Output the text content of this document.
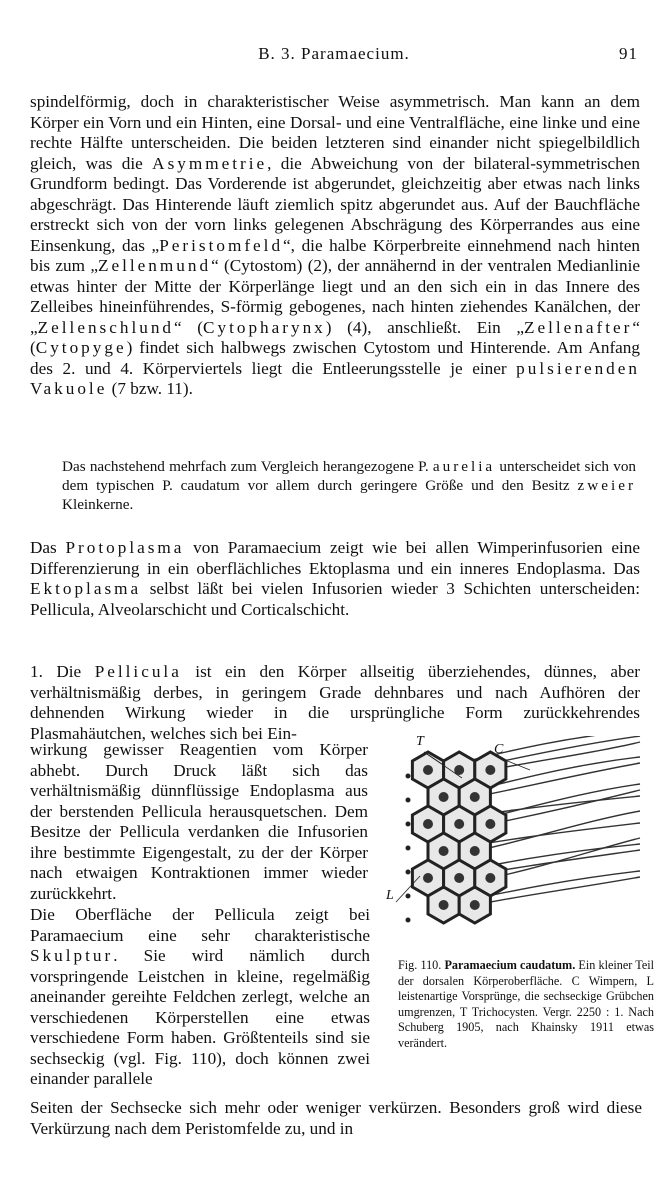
B. 3. Paramaecium.	91
spindelförmig, doch in charakteristischer Weise asymmetrisch. Man kann an dem Körper ein Vorn und ein Hinten, eine Dorsal- und eine Ventralfläche, eine linke und eine rechte Hälfte unterscheiden. Die beiden letzteren sind einander nicht spiegelbildlich gleich, was die Asymmetrie, die Abweichung von der bilateral-symmetrischen Grundform bedingt. Das Vorderende ist abgerundet, gleichzeitig aber etwas nach links abgeschrägt. Das Hinterende läuft ziemlich spitz abgerundet aus. Auf der Bauchfläche erstreckt sich von der vorn links gelegenen Abschrägung des Körperrandes aus eine Einsenkung, das „Peristomfeld“, die halbe Körperbreite einnehmend nach hinten bis zum „Zellenmund“ (Cytostom) (2), der annähernd in der ventralen Medianlinie etwas hinter der Mitte der Körperlänge liegt und an den sich ein in das Innere des Zelleibes hineinführendes, S-förmig gebogenes, nach hinten ziehendes Kanälchen, der „Zellenschlund“ (Cytopharynx) (4), anschließt. Ein „Zellenafter“ (Cytopyge) findet sich halbwegs zwischen Cytostom und Hinterende. Am Anfang des 2. und 4. Körperviertels liegt die Entleerungsstelle je einer pulsierenden Vakuole (7 bzw. 11).
Das nachstehend mehrfach zum Vergleich herangezogene P. aurelia unterscheidet sich von dem typischen P. caudatum vor allem durch geringere Größe und den Besitz zweier Kleinkerne.
Das Protoplasma von Paramaecium zeigt wie bei allen Wimperinfusorien eine Differenzierung in ein oberflächliches Ektoplasma und ein inneres Endoplasma. Das Ektoplasma selbst läßt bei vielen Infusorien wieder 3 Schichten unterscheiden: Pellicula, Alveolarschicht und Corticalschicht.
1. Die Pellicula ist ein den Körper allseitig überziehendes, dünnes, aber verhältnismäßig derbes, in geringem Grade dehnbares und nach Aufhören der dehnenden Wirkung wieder in die ursprüngliche Form zurückkehrendes Plasmahäutchen, welches sich bei Ein-
wirkung gewisser Reagentien vom Körper abhebt. Durch Druck läßt sich das verhältnismäßig dünnflüssige Endoplasma aus der berstenden Pellicula herausquetschen. Dem Besitze der Pellicula verdanken die Infusorien ihre bestimmte Eigengestalt, zu der der Körper nach etwaigen Kontraktionen immer wieder zurückkehrt.
Die Oberfläche der Pellicula zeigt bei Paramaecium eine sehr charakteristische Skulptur. Sie wird nämlich durch vorspringende Leistchen in kleine, regelmäßig aneinander gereihte Feldchen zerlegt, welche an verschiedenen Körperstellen eine etwas verschiedene Form haben. Größtenteils sind sie sechseckig (vgl. Fig. 110), doch können zwei einander parallele
Seiten der Sechsecke sich mehr oder weniger verkürzen. Besonders groß wird diese Verkürzung nach dem Peristomfelde zu, und in
T
C
L
Fig. 110. Paramaecium caudatum. Ein kleiner Teil der dorsalen Körperoberfläche. C Wimpern, L leistenartige Vorsprünge, die sechseckige Grübchen umgrenzen, T Trichocysten. Vergr. 2250 : 1. Nach Schuberg 1905, nach Khainsky 1911 etwas verändert.
